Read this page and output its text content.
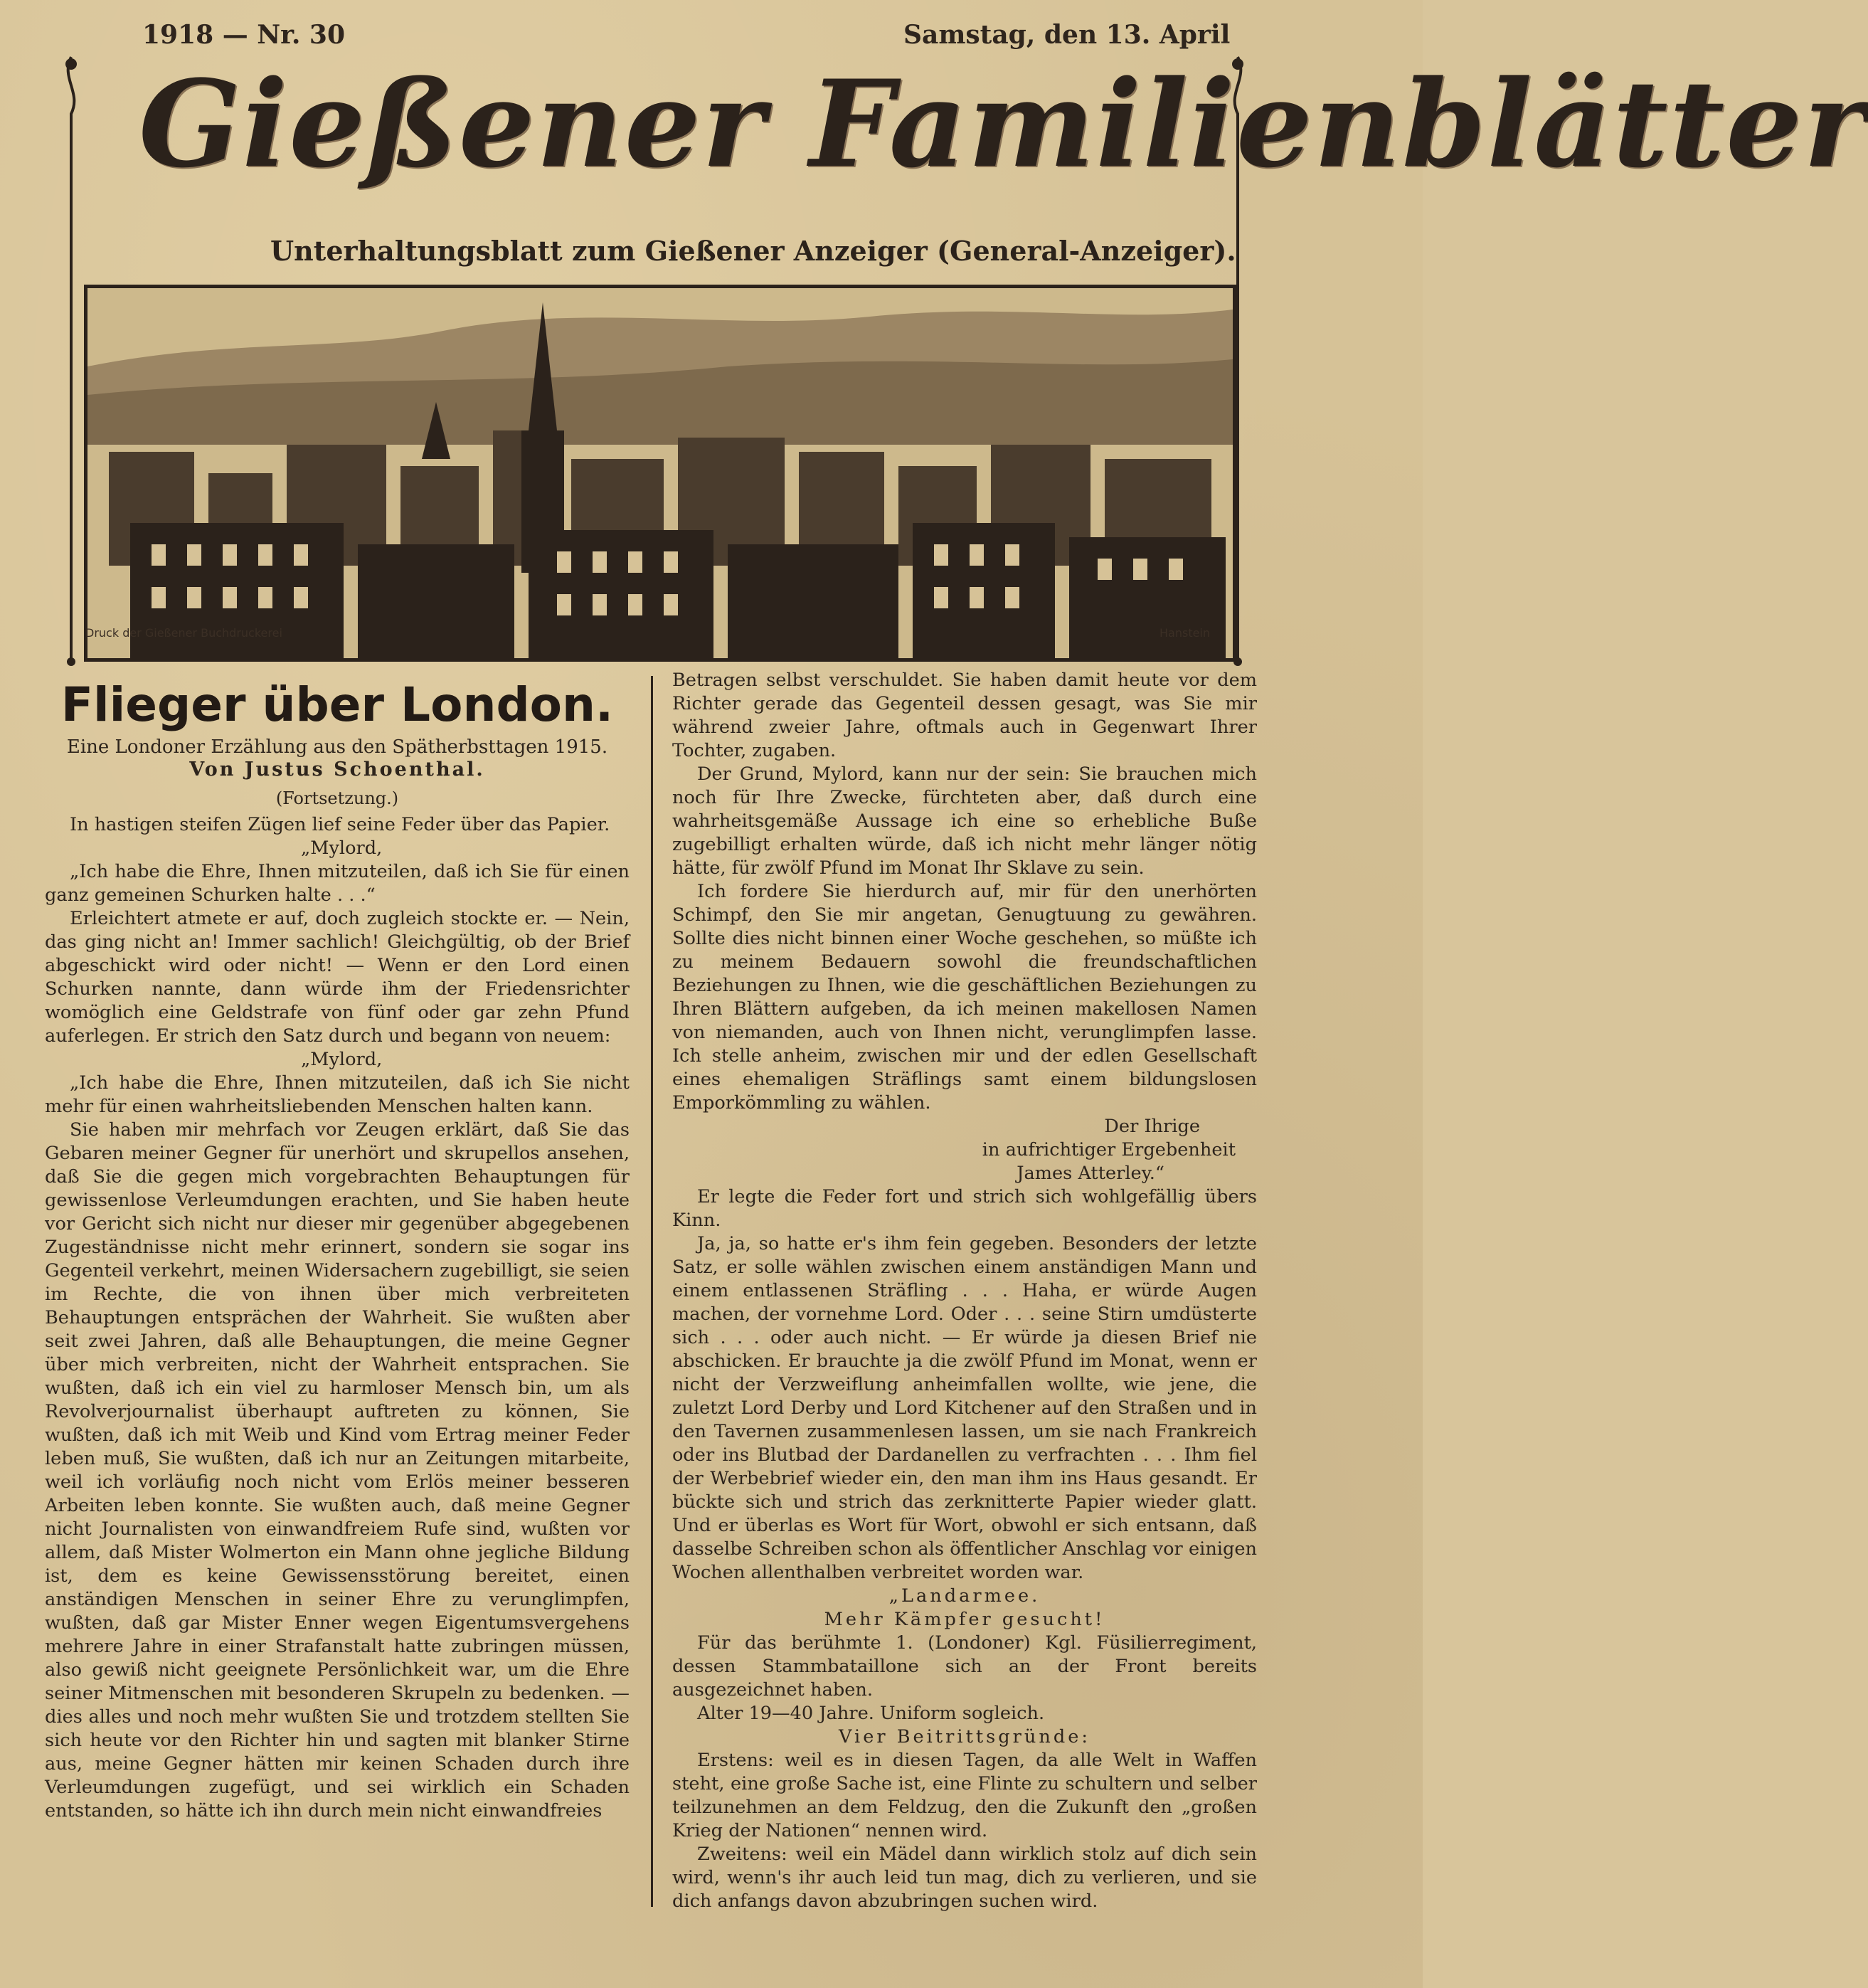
1918 — Nr. 30	Samstag, den 13. April
Gießener Familienblätter
Unterhaltungsblatt zum Gießener Anzeiger (General-Anzeiger).
Druck der Gießener Buchdruckerei	Hanstein
Flieger über London.
Eine Londoner Erzählung aus den Spätherbsttagen 1915.
Von Justus Schoenthal.
(Fortsetzung.)

In hastigen steifen Zügen lief seine Feder über das Papier.

„Mylord,

„Ich habe die Ehre, Ihnen mitzuteilen, daß ich Sie für einen ganz gemeinen Schurken halte . . .“

Erleichtert atmete er auf, doch zugleich stockte er. — Nein, das ging nicht an! Immer sachlich! Gleichgültig, ob der Brief abgeschickt wird oder nicht! — Wenn er den Lord einen Schurken nannte, dann würde ihm der Friedensrichter womöglich eine Geldstrafe von fünf oder gar zehn Pfund auferlegen. Er strich den Satz durch und begann von neuem:

„Mylord,

„Ich habe die Ehre, Ihnen mitzuteilen, daß ich Sie nicht mehr für einen wahrheitsliebenden Menschen halten kann.

Sie haben mir mehrfach vor Zeugen erklärt, daß Sie das Gebaren meiner Gegner für unerhört und skrupellos ansehen, daß Sie die gegen mich vorgebrachten Behauptungen für gewissenlose Verleumdungen erachten, und Sie haben heute vor Gericht sich nicht nur dieser mir gegenüber abgegebenen Zugeständnisse nicht mehr erinnert, sondern sie sogar ins Gegenteil verkehrt, meinen Widersachern zugebilligt, sie seien im Rechte, die von ihnen über mich verbreiteten Behauptungen entsprächen der Wahrheit. Sie wußten aber seit zwei Jahren, daß alle Behauptungen, die meine Gegner über mich verbreiten, nicht der Wahrheit entsprachen. Sie wußten, daß ich ein viel zu harmloser Mensch bin, um als Revolverjournalist überhaupt auftreten zu können, Sie wußten, daß ich mit Weib und Kind vom Ertrag meiner Feder leben muß, Sie wußten, daß ich nur an Zeitungen mitarbeite, weil ich vorläufig noch nicht vom Erlös meiner besseren Arbeiten leben konnte. Sie wußten auch, daß meine Gegner nicht Journalisten von einwandfreiem Rufe sind, wußten vor allem, daß Mister Wolmerton ein Mann ohne jegliche Bildung ist, dem es keine Gewissensstörung bereitet, einen anständigen Menschen in seiner Ehre zu verunglimpfen, wußten, daß gar Mister Enner wegen Eigentumsvergehens mehrere Jahre in einer Strafanstalt hatte zubringen müssen, also gewiß nicht geeignete Persönlichkeit war, um die Ehre seiner Mitmenschen mit besonderen Skrupeln zu bedenken. — dies alles und noch mehr wußten Sie und trotzdem stellten Sie sich heute vor den Richter hin und sagten mit blanker Stirne aus, meine Gegner hätten mir keinen Schaden durch ihre Verleumdungen zugefügt, und sei wirklich ein Schaden entstanden, so hätte ich ihn durch mein nicht einwandfreies

Betragen selbst verschuldet. Sie haben damit heute vor dem Richter gerade das Gegenteil dessen gesagt, was Sie mir während zweier Jahre, oftmals auch in Gegenwart Ihrer Tochter, zugaben.

Der Grund, Mylord, kann nur der sein: Sie brauchen mich noch für Ihre Zwecke, fürchteten aber, daß durch eine wahrheitsgemäße Aussage ich eine so erhebliche Buße zugebilligt erhalten würde, daß ich nicht mehr länger nötig hätte, für zwölf Pfund im Monat Ihr Sklave zu sein.

Ich fordere Sie hierdurch auf, mir für den unerhörten Schimpf, den Sie mir angetan, Genugtuung zu gewähren. Sollte dies nicht binnen einer Woche geschehen, so müßte ich zu meinem Bedauern sowohl die freundschaftlichen Beziehungen zu Ihnen, wie die geschäftlichen Beziehungen zu Ihren Blättern aufgeben, da ich meinen makellosen Namen von niemanden, auch von Ihnen nicht, verunglimpfen lasse. Ich stelle anheim, zwischen mir und der edlen Gesellschaft eines ehemaligen Sträflings samt einem bildungslosen Emporkömmling zu wählen.

Der Ihrige

in aufrichtiger Ergebenheit

James Atterley.“

Er legte die Feder fort und strich sich wohlgefällig übers Kinn.

Ja, ja, so hatte er's ihm fein gegeben. Besonders der letzte Satz, er solle wählen zwischen einem anständigen Mann und einem entlassenen Sträfling . . . Haha, er würde Augen machen, der vornehme Lord. Oder . . . seine Stirn umdüsterte sich . . . oder auch nicht. — Er würde ja diesen Brief nie abschicken. Er brauchte ja die zwölf Pfund im Monat, wenn er nicht der Verzweiflung anheimfallen wollte, wie jene, die zuletzt Lord Derby und Lord Kitchener auf den Straßen und in den Tavernen zusammenlesen lassen, um sie nach Frankreich oder ins Blutbad der Dardanellen zu verfrachten . . . Ihm fiel der Werbebrief wieder ein, den man ihm ins Haus gesandt. Er bückte sich und strich das zerknitterte Papier wieder glatt. Und er überlas es Wort für Wort, obwohl er sich entsann, daß dasselbe Schreiben schon als öffentlicher Anschlag vor einigen Wochen allenthalben verbreitet worden war.

„Landarmee.

Mehr Kämpfer gesucht!

Für das berühmte 1. (Londoner) Kgl. Füsilierregiment, dessen Stammbataillone sich an der Front bereits ausgezeichnet haben.

Alter 19—40 Jahre. Uniform sogleich.

Vier Beitrittsgründe:

Erstens: weil es in diesen Tagen, da alle Welt in Waffen steht, eine große Sache ist, eine Flinte zu schultern und selber teilzunehmen an dem Feldzug, den die Zukunft den „großen Krieg der Nationen“ nennen wird.

Zweitens: weil ein Mädel dann wirklich stolz auf dich sein wird, wenn's ihr auch leid tun mag, dich zu verlieren, und sie dich anfangs davon abzubringen suchen wird.
